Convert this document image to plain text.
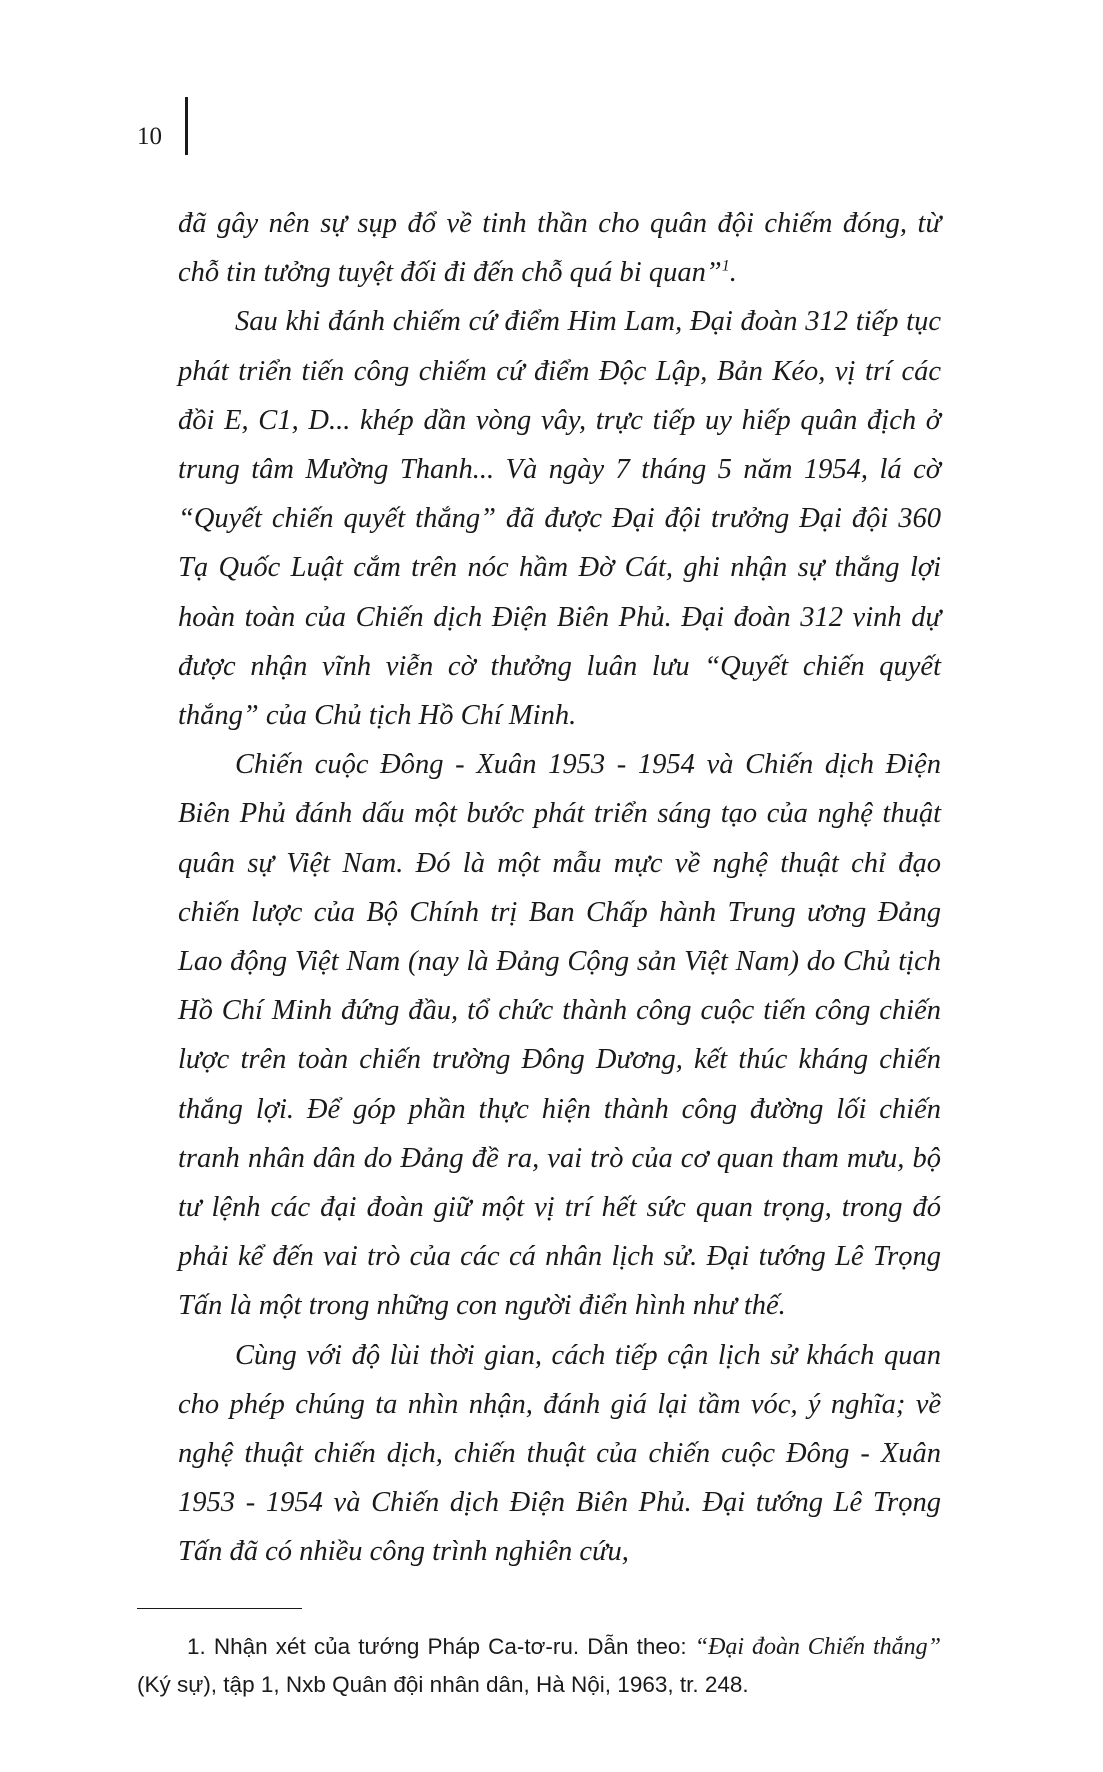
10

đã gây nên sự sụp đổ về tinh thần cho quân đội chiếm đóng, từ chỗ tin tưởng tuyệt đối đi đến chỗ quá bi quan”$^1$.

Sau khi đánh chiếm cứ điểm Him Lam, Đại đoàn 312 tiếp tục phát triển tiến công chiếm cứ điểm Độc Lập, Bản Kéo, vị trí các đồi E, C1, D... khép dần vòng vây, trực tiếp uy hiếp quân địch ở trung tâm Mường Thanh... Và ngày 7 tháng 5 năm 1954, lá cờ “Quyết chiến quyết thắng” đã được Đại đội trưởng Đại đội 360 Tạ Quốc Luật cắm trên nóc hầm Đờ Cát, ghi nhận sự thắng lợi hoàn toàn của Chiến dịch Điện Biên Phủ. Đại đoàn 312 vinh dự được nhận vĩnh viễn cờ thưởng luân lưu “Quyết chiến quyết thắng” của Chủ tịch Hồ Chí Minh.

Chiến cuộc Đông - Xuân 1953 - 1954 và Chiến dịch Điện Biên Phủ đánh dấu một bước phát triển sáng tạo của nghệ thuật quân sự Việt Nam. Đó là một mẫu mực về nghệ thuật chỉ đạo chiến lược của Bộ Chính trị Ban Chấp hành Trung ương Đảng Lao động Việt Nam (nay là Đảng Cộng sản Việt Nam) do Chủ tịch Hồ Chí Minh đứng đầu, tổ chức thành công cuộc tiến công chiến lược trên toàn chiến trường Đông Dương, kết thúc kháng chiến thắng lợi. Để góp phần thực hiện thành công đường lối chiến tranh nhân dân do Đảng đề ra, vai trò của cơ quan tham mưu, bộ tư lệnh các đại đoàn giữ một vị trí hết sức quan trọng, trong đó phải kể đến vai trò của các cá nhân lịch sử. Đại tướng Lê Trọng Tấn là một trong những con người điển hình như thế.

Cùng với độ lùi thời gian, cách tiếp cận lịch sử khách quan cho phép chúng ta nhìn nhận, đánh giá lại tầm vóc, ý nghĩa; về nghệ thuật chiến dịch, chiến thuật của chiến cuộc Đông - Xuân 1953 - 1954 và Chiến dịch Điện Biên Phủ. Đại tướng Lê Trọng Tấn đã có nhiều công trình nghiên cứu,

1. Nhận xét của tướng Pháp Ca-tơ-ru. Dẫn theo: “Đại đoàn Chiến thắng” (Ký sự), tập 1, Nxb Quân đội nhân dân, Hà Nội, 1963, tr. 248.
